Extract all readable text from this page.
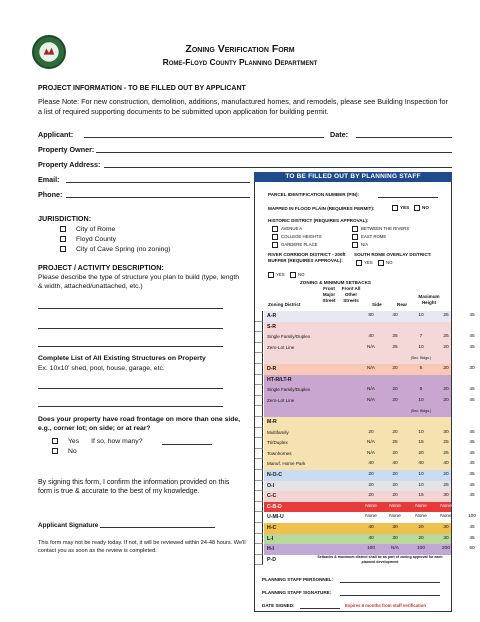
Zoning Verification Form
Rome-Floyd County Planning Department
PROJECT INFORMATION - TO BE FILLED OUT BY APPLICANT
Please Note: For new construction, demolition, additions, manufactured homes, and remodels, please see Building Inspection for a list of required supporting documents to be submitted upon application for building permit.
Applicant:	Date:
Property Owner:
Property Address:
Email:
Phone:
JURISDICTION:
City of Rome
Floyd County
City of Cave Spring (no zoning)
PROJECT / ACTIVITY DESCRIPTION:
Please describe the type of structure you plan to build (type, length & width, attached/unattached, etc.)
Complete List of All Existing Structures on Property
Ex. 10x10' shed, pool, house, garage, etc.
Does your property have road frontage on more than one side, e.g., corner lot; on side; or at rear?
Yes If so, how many?
No
By signing this form, I confirm the information provided on this form is true & accurate to the best of my knowledge.
Applicant Signature
This form may not be ready today. If not, it will be reviewed within 24-48 hours. We'll contact you as soon as the review is completed.
TO BE FILLED OUT BY PLANNING STAFF
PARCEL IDENTIFICATION NUMBER (PIN):
MAPPED IN FLOOD PLAIN (REQUIRES PERMIT):	YES	NO
HISTORIC DISTRICT (REQUIRES APPROVAL):
AVENUE A
COLLEGE HEIGHTS
GARDERE PLACE
BETWEEN THE RIVERS
EAST ROME
N/A
RIVER CORRIDOR DISTRICT - 200ft BUFFER (REQUIRES APPROVAL):
SOUTH ROME OVERLAY DISTRICT:
YES	NO
YES	NO
ZONING & MINIMUM SETBACKS
Zoning District
Front Major Street
Front All Other Streets
Side	Rear
Maximum Height
A-R	80	40	10	25	45
S-R
Single Family/Duplex	40	25	7	25	45
Zero-Lot Line	N/A	25	10	20	45
(Sec. Bldgs.)
D-R	N/A	20	5	20	30
HT-R/LT-R
Single Family/Duplex	N/A	20	5	20	45
Zero-Lot Line	N/A	20	10	20	45
(Sec. Bldgs.)
M-R
Multifamily	20	20	10	30	45
Tri/Duplex	N/A	25	15	25	45
Townhomes	N/A	20	20	25	45
Manuf. Home Park	40	40	40	40	45
N-O-C	20	20	10	20	35
O-I	20	20	10	25	45
C-C	20	20	15	30	45
C-B-D	None	None	None	None	70
U-MI-U	None	None	None	None	100
H-C	40	30	20	30	45
L-I	40	30	20	30	45
H-I	100	N/A	100	200	60
P-D	Setbacks & maximum district shall be as part of zoning approval for each planned development
PLANNING STAFF PERSONNEL:
PLANNING STAFF SIGNATURE:
DATE SIGNED:	Expires 6 months from staff verification
